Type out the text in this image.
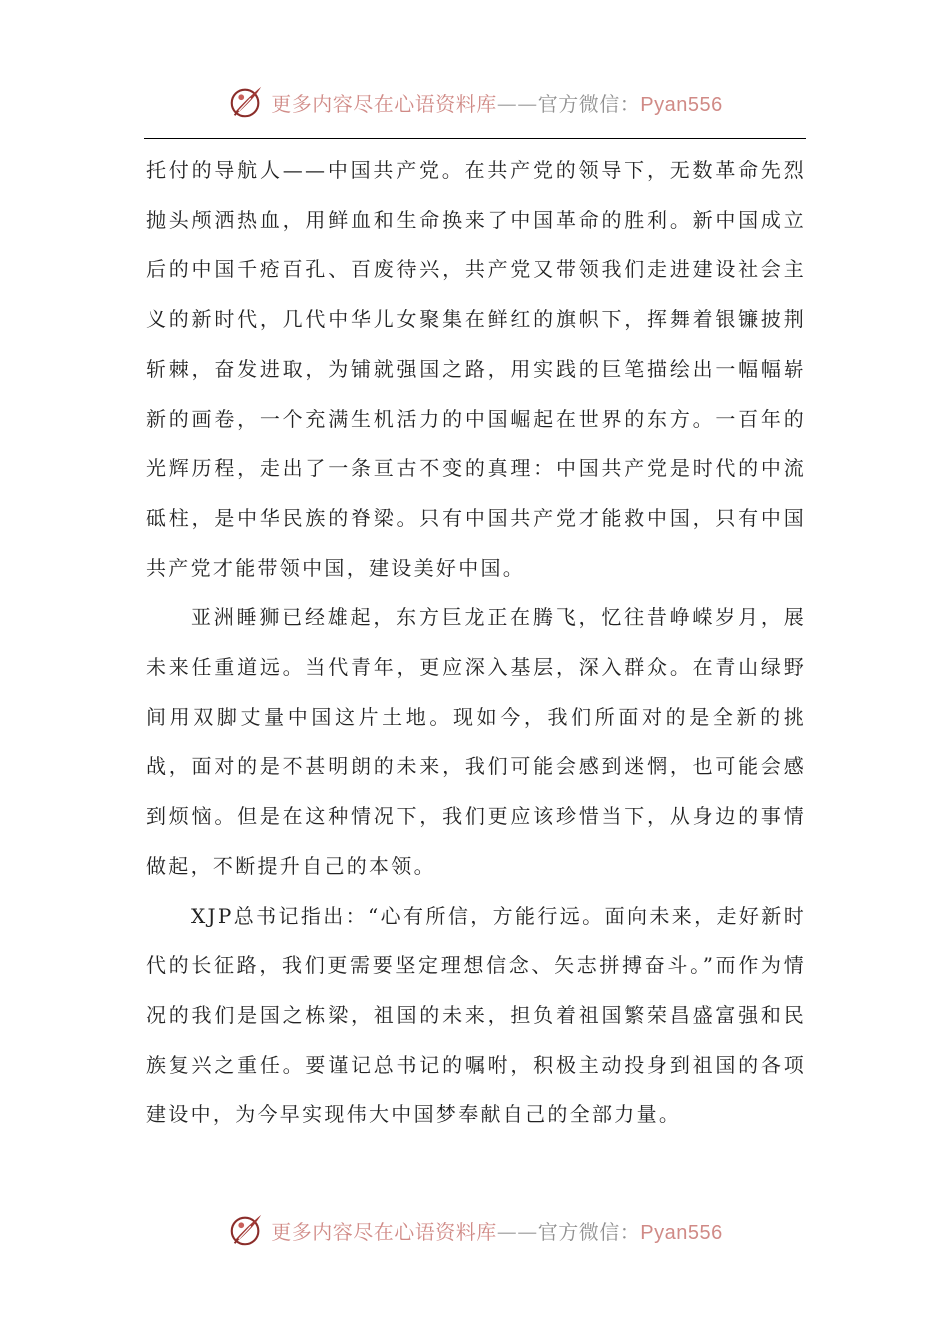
更多内容尽在心语资料库——官方微信：Pyan556

托付的导航人——中国共产党。在共产党的领导下，无数革命先烈抛头颅洒热血，用鲜血和生命换来了中国革命的胜利。新中国成立后的中国千疮百孔、百废待兴，共产党又带领我们走进建设社会主义的新时代，几代中华儿女聚集在鲜红的旗帜下，挥舞着银镰披荆斩棘，奋发进取，为铺就强国之路，用实践的巨笔描绘出一幅幅崭新的画卷，一个充满生机活力的中国崛起在世界的东方。一百年的光辉历程，走出了一条亘古不变的真理：中国共产党是时代的中流砥柱，是中华民族的脊梁。只有中国共产党才能救中国，只有中国共产党才能带领中国，建设美好中国。

亚洲睡狮已经雄起，东方巨龙正在腾飞，忆往昔峥嵘岁月，展未来任重道远。当代青年，更应深入基层，深入群众。在青山绿野间用双脚丈量中国这片土地。现如今，我们所面对的是全新的挑战，面对的是不甚明朗的未来，我们可能会感到迷惘，也可能会感到烦恼。但是在这种情况下，我们更应该珍惜当下，从身边的事情做起，不断提升自己的本领。

XJP总书记指出：“心有所信，方能行远。面向未来，走好新时代的长征路，我们更需要坚定理想信念、矢志拼搏奋斗。”而作为情况的我们是国之栋梁，祖国的未来，担负着祖国繁荣昌盛富强和民族复兴之重任。要谨记总书记的嘱咐，积极主动投身到祖国的各项建设中，为今早实现伟大中国梦奉献自己的全部力量。

更多内容尽在心语资料库——官方微信：Pyan556
